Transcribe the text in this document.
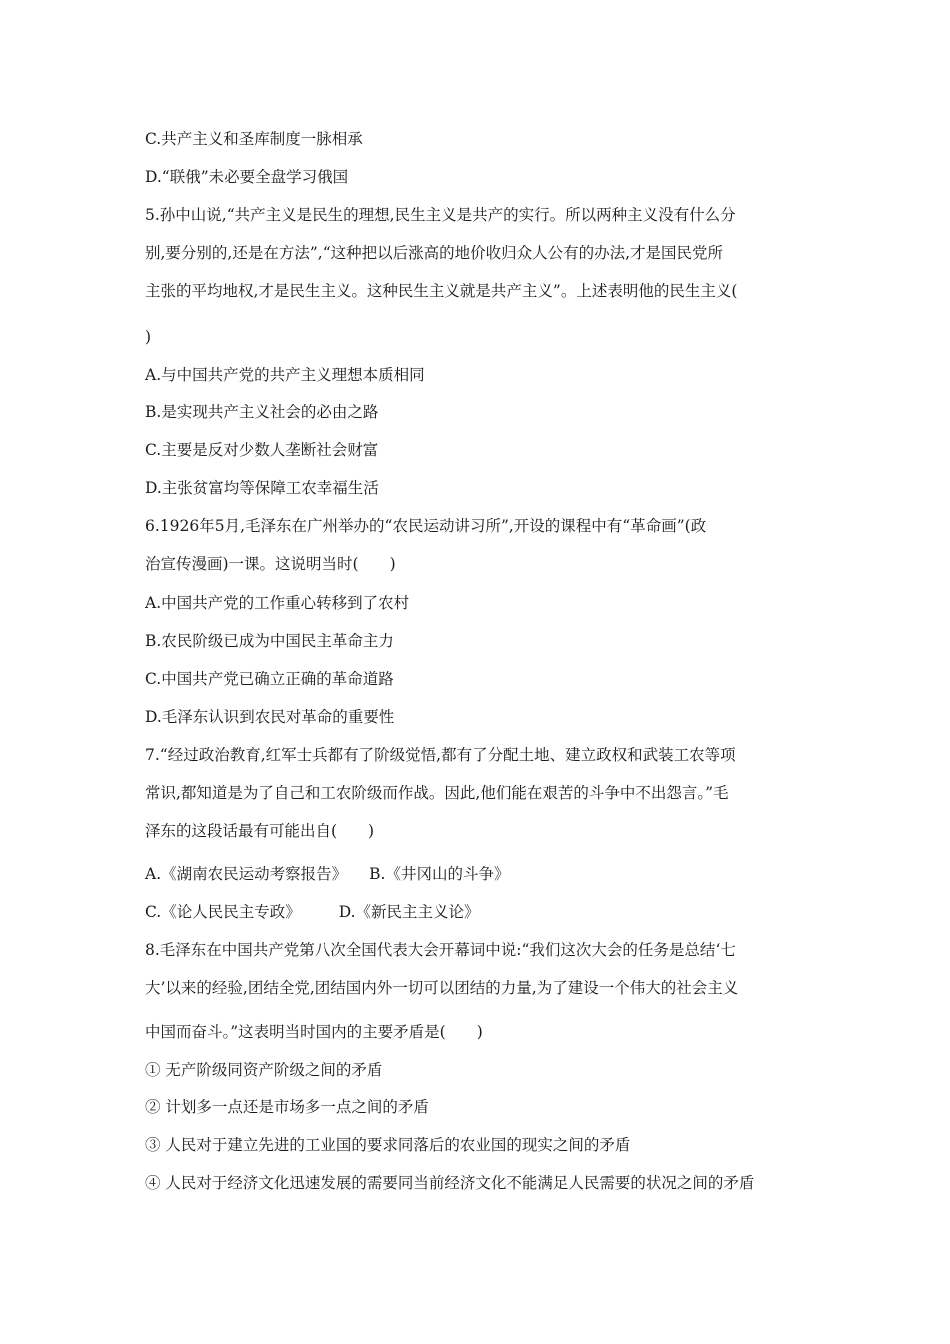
C.共产主义和圣库制度一脉相承
D.“联俄”未必要全盘学习俄国
5.孙中山说,“共产主义是民生的理想,民生主义是共产的实行。所以两种主义没有什么分
别,要分别的,还是在方法”,“这种把以后涨高的地价收归众人公有的办法,才是国民党所
主张的平均地权,才是民生主义。这种民生主义就是共产主义”。上述表明他的民生主义(
)
A.与中国共产党的共产主义理想本质相同
B.是实现共产主义社会的必由之路
C.主要是反对少数人垄断社会财富
D.主张贫富均等保障工农幸福生活
6.1926年5月,毛泽东在广州举办的“农民运动讲习所”,开设的课程中有“革命画”(政
治宣传漫画)一课。这说明当时(　　)
A.中国共产党的工作重心转移到了农村
B.农民阶级已成为中国民主革命主力
C.中国共产党已确立正确的革命道路
D.毛泽东认识到农民对革命的重要性
7.“经过政治教育,红军士兵都有了阶级觉悟,都有了分配土地、建立政权和武装工农等项
常识,都知道是为了自己和工农阶级而作战。因此,他们能在艰苦的斗争中不出怨言。”毛
泽东的这段话最有可能出自(　　)
A.《湖南农民运动考察报告》 B.《井冈山的斗争》
C.《论人民民主专政》 D.《新民主主义论》
8.毛泽东在中国共产党第八次全国代表大会开幕词中说:“我们这次大会的任务是总结‘七
大’以来的经验,团结全党,团结国内外一切可以团结的力量,为了建设一个伟大的社会主义
中国而奋斗。”这表明当时国内的主要矛盾是(　　)
① 无产阶级同资产阶级之间的矛盾
② 计划多一点还是市场多一点之间的矛盾
③ 人民对于建立先进的工业国的要求同落后的农业国的现实之间的矛盾
④ 人民对于经济文化迅速发展的需要同当前经济文化不能满足人民需要的状况之间的矛盾
